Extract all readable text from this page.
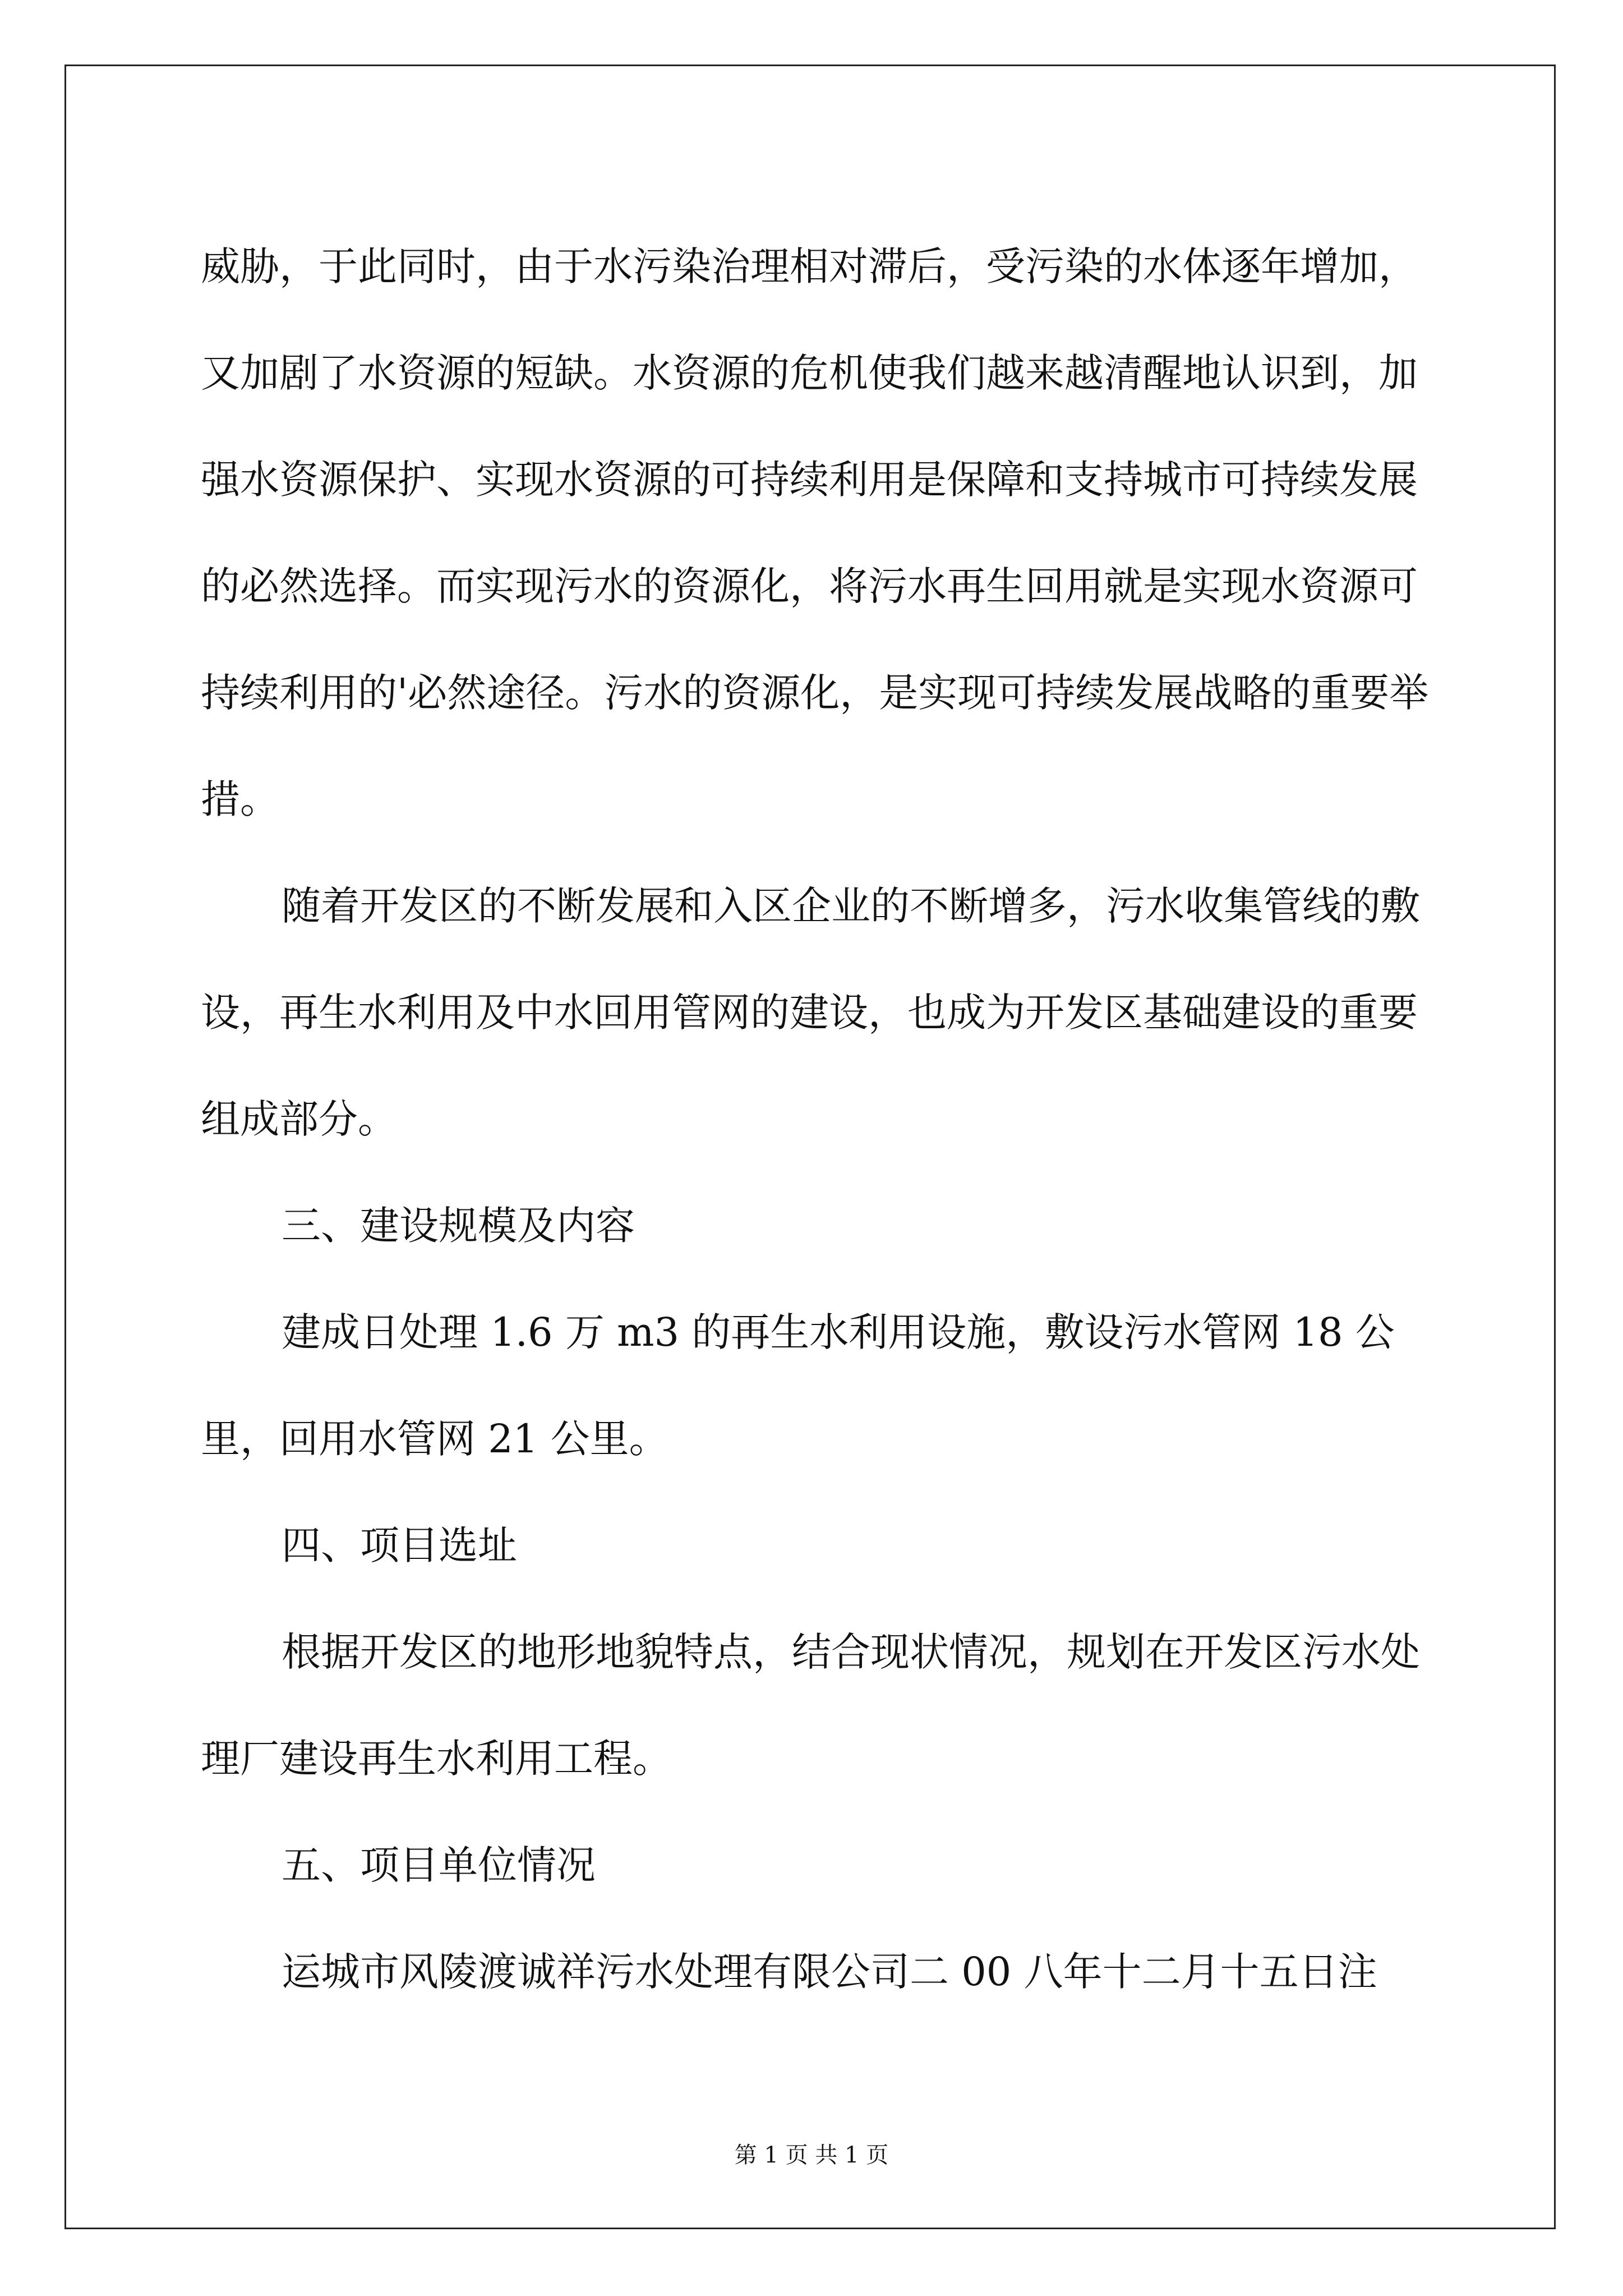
威胁，于此同时，由于水污染治理相对滞后，受污染的水体逐年增加，又加剧了水资源的短缺。水资源的危机使我们越来越清醒地认识到，加强水资源保护、实现水资源的可持续利用是保障和支持城市可持续发展的必然选择。而实现污水的资源化，将污水再生回用就是实现水资源可持续利用的'必然途径。污水的资源化，是实现可持续发展战略的重要举措。

随着开发区的不断发展和入区企业的不断增多，污水收集管线的敷设，再生水利用及中水回用管网的建设，也成为开发区基础建设的重要组成部分。

三、建设规模及内容

建成日处理 1.6 万 m3 的再生水利用设施，敷设污水管网 18 公里，回用水管网 21 公里。

四、项目选址

根据开发区的地形地貌特点，结合现状情况，规划在开发区污水处理厂建设再生水利用工程。

五、项目单位情况

运城市风陵渡诚祥污水处理有限公司二 00 八年十二月十五日注

第 1 页 共 1 页
